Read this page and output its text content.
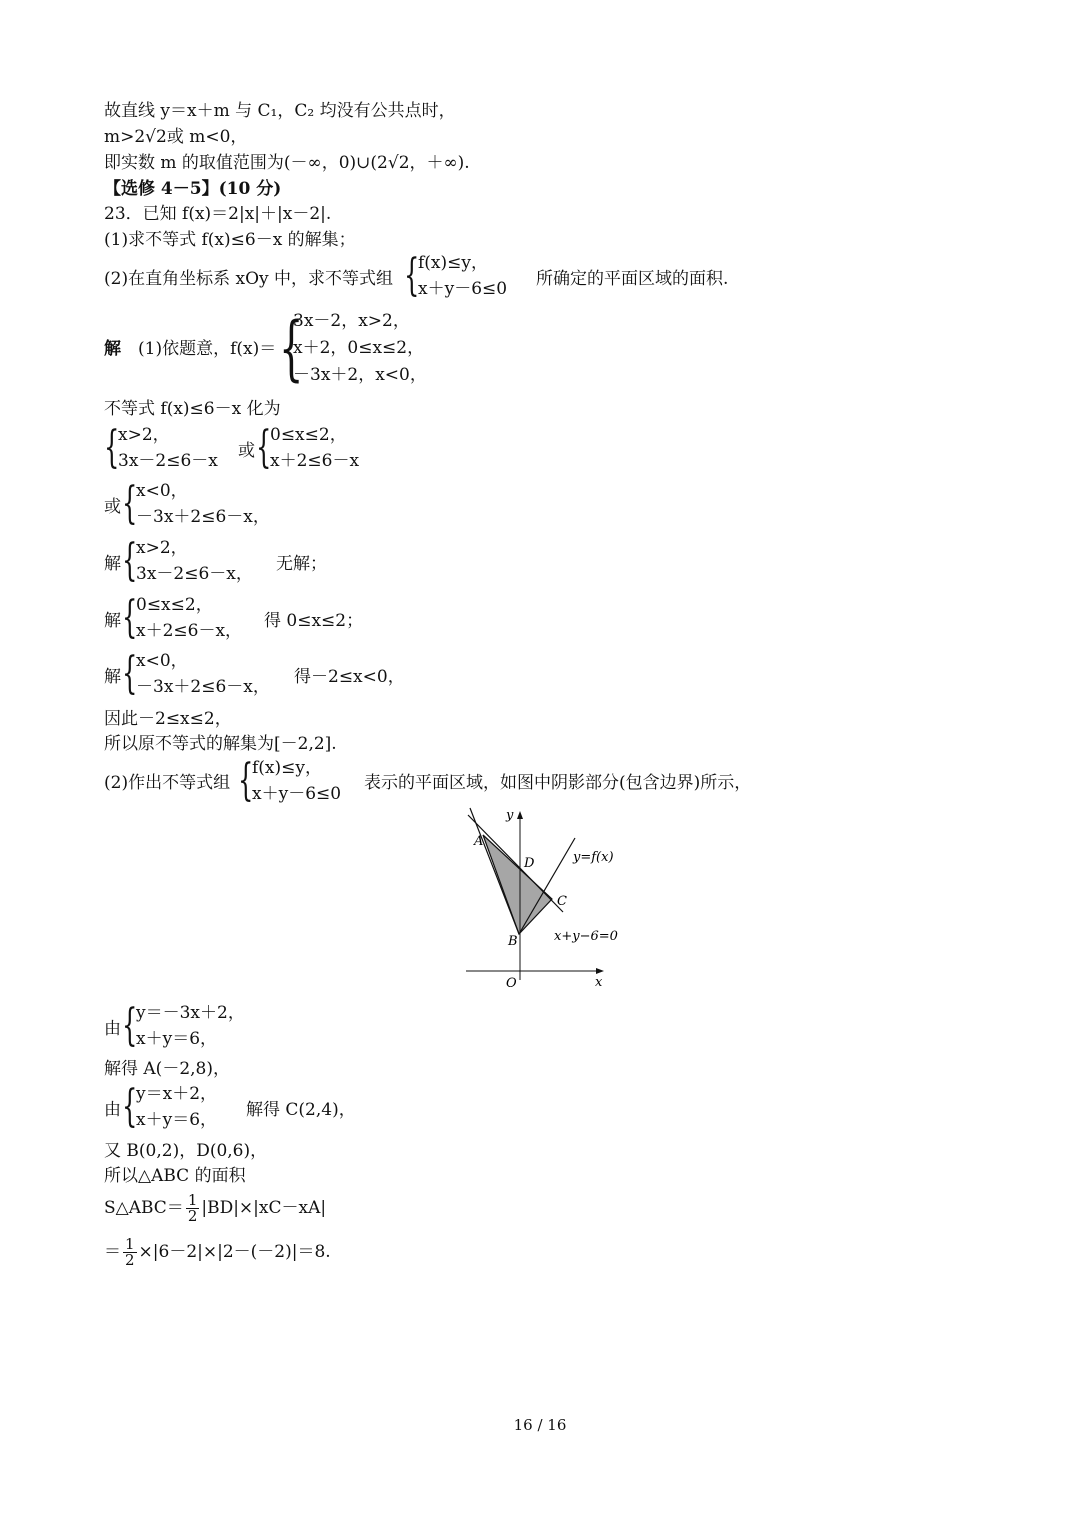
故直线 y＝x＋m 与 C₁，C₂ 均没有公共点时，
m>2√2或 m<0，
即实数 m 的取值范围为(－∞，0)∪(2√2，＋∞).
【选修 4－5】(10 分)
23．已知 f(x)＝2|x|＋|x－2|.
(1)求不等式 f(x)≤6－x 的解集；
(2)在直角坐标系 xOy 中，求不等式组 {
f(x)≤y，
x＋y－6≤0 所确定的平面区域的面积.
解 (1)依题意，f(x)＝ {
3x－2，x>2，
x＋2，0≤x≤2，
－3x＋2，x<0，
不等式 f(x)≤6－x 化为
{
x>2，
3x－2≤6－x 或 {
0≤x≤2，
x＋2≤6－x
或 {
x<0，
－3x＋2≤6－x，
解 {
x>2，
3x－2≤6－x， 无解；
解 {
0≤x≤2，
x＋2≤6－x， 得 0≤x≤2；
解 {
x<0，
－3x＋2≤6－x， 得－2≤x<0，
因此－2≤x≤2，
所以原不等式的解集为[－2,2].
(2)作出不等式组 {
f(x)≤y，
x＋y－6≤0
表示的平面区域，如图中阴影部分(包含边界)所示，
y
x
O
A
B
C
D	y=f(x)
x+y−6=0
由 {
y＝－3x＋2，
x＋y＝6，
解得 A(－2,8)，
由 {
y＝x＋2，
x＋y＝6， 解得 C(2,4)，
又 B(0,2)，D(0,6)，
所以△ABC 的面积
S△ABC＝ $\frac{1}{2} |BD|\times|xC-xA|$
＝ $\frac{1}{2} \times|6-2|\times|2-(-2)|=8$.
16 / 16
